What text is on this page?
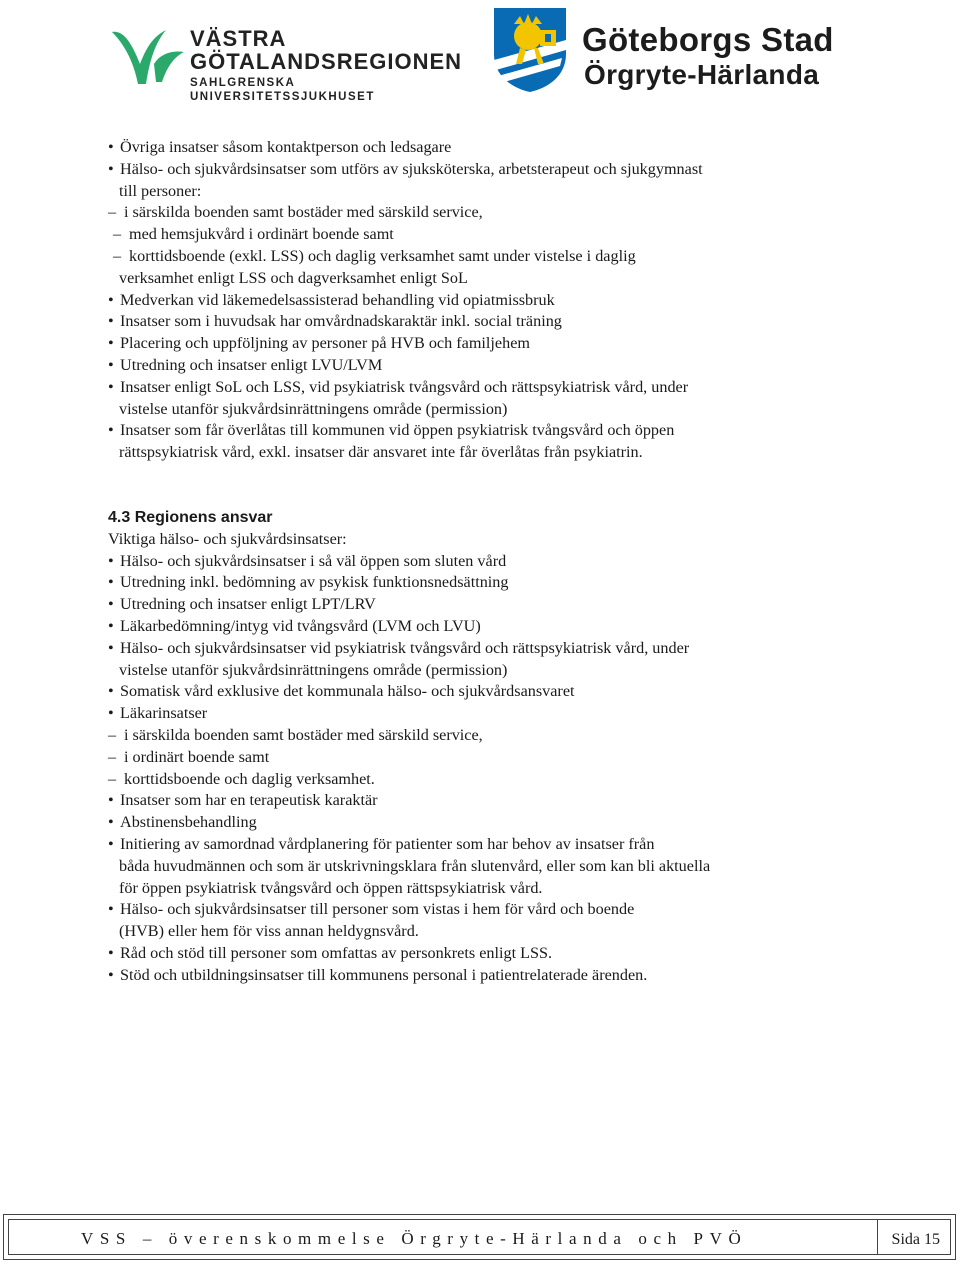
VÄSTRA
GÖTALANDSREGIONEN
SAHLGRENSKA UNIVERSITETSSJUKHUSET
Göteborgs Stad
Örgryte-Härlanda
• Övriga insatser såsom kontaktperson och ledsagare
• Hälso- och sjukvårdsinsatser som utförs av sjuksköterska, arbetsterapeut och sjukgymnast
till personer:
– i särskilda boenden samt bostäder med särskild service,
– med hemsjukvård i ordinärt boende samt
– korttidsboende (exkl. LSS) och daglig verksamhet samt under vistelse i daglig
verksamhet enligt LSS och dagverksamhet enligt SoL
• Medverkan vid läkemedelsassisterad behandling vid opiatmissbruk
• Insatser som i huvudsak har omvårdnadskaraktär inkl. social träning
• Placering och uppföljning av personer på HVB och familjehem
• Utredning och insatser enligt LVU/LVM
• Insatser enligt SoL och LSS, vid psykiatrisk tvångsvård och rättspsykiatrisk vård, under
vistelse utanför sjukvårdsinrättningens område (permission)
• Insatser som får överlåtas till kommunen vid öppen psykiatrisk tvångsvård och öppen
rättspsykiatrisk vård, exkl. insatser där ansvaret inte får överlåtas från psykiatrin.
4.3 Regionens ansvar
Viktiga hälso- och sjukvårdsinsatser:
• Hälso- och sjukvårdsinsatser i så väl öppen som sluten vård
• Utredning inkl. bedömning av psykisk funktionsnedsättning
• Utredning och insatser enligt LPT/LRV
• Läkarbedömning/intyg vid tvångsvård (LVM och LVU)
• Hälso- och sjukvårdsinsatser vid psykiatrisk tvångsvård och rättspsykiatrisk vård, under
vistelse utanför sjukvårdsinrättningens område (permission)
• Somatisk vård exklusive det kommunala hälso- och sjukvårdsansvaret
• Läkarinsatser
– i särskilda boenden samt bostäder med särskild service,
– i ordinärt boende samt
– korttidsboende och daglig verksamhet.
• Insatser som har en terapeutisk karaktär
• Abstinensbehandling
• Initiering av samordnad vårdplanering för patienter som har behov av insatser från
båda huvudmännen och som är utskrivningsklara från slutenvård, eller som kan bli aktuella
för öppen psykiatrisk tvångsvård och öppen rättspsykiatrisk vård.
• Hälso- och sjukvårdsinsatser till personer som vistas i hem för vård och boende
(HVB) eller hem för viss annan heldygnsvård.
• Råd och stöd till personer som omfattas av personkrets enligt LSS.
• Stöd och utbildningsinsatser till kommunens personal i patientrelaterade ärenden.
VSS – överenskommelse Örgryte-Härlanda och PVÖ	Sida 15
